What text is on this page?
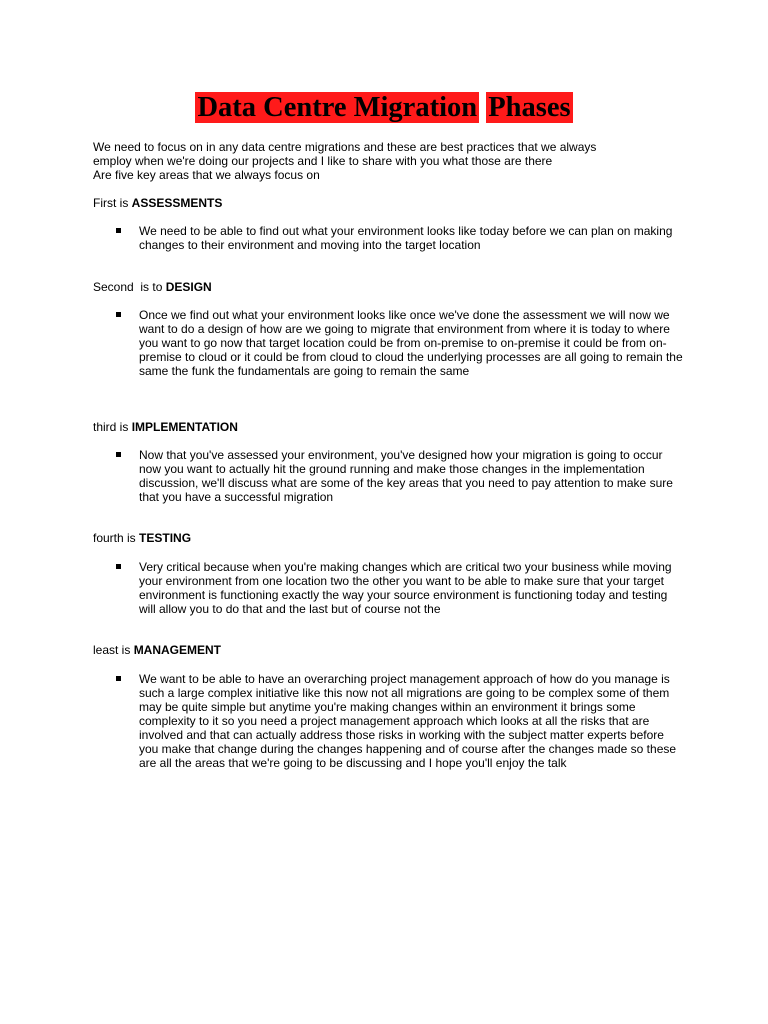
Data Centre Migration Phases

We need to focus on in any data centre migrations and these are best practices that we always

employ when we're doing our projects and I like to share with you what those are there

Are five key areas that we always focus on

First is ASSESSMENTS
We need to be able to find out what your environment looks like today before we can plan on making changes to their environment and moving into the target location
Second  is to DESIGN
Once we find out what your environment looks like once we've done the assessment we will now we want to do a design of how are we going to migrate that environment from where it is today to where you want to go now that target location could be from on-premise to on-premise it could be from on-premise to cloud or it could be from cloud to cloud the underlying processes are all going to remain the same the funk the fundamentals are going to remain the same
third is IMPLEMENTATION
Now that you've assessed your environment, you've designed how your migration is going to occur now you want to actually hit the ground running and make those changes in the implementation discussion, we'll discuss what are some of the key areas that you need to pay attention to make sure that you have a successful migration
fourth is TESTING
Very critical because when you're making changes which are critical two your business while moving your environment from one location two the other you want to be able to make sure that your target environment is functioning exactly the way your source environment is functioning today and testing will allow you to do that and the last but of course not the
least is MANAGEMENT
We want to be able to have an overarching project management approach of how do you manage is such a large complex initiative like this now not all migrations are going to be complex some of them may be quite simple but anytime you're making changes within an environment it brings some complexity to it so you need a project management approach which looks at all the risks that are involved and that can actually address those risks in working with the subject matter experts before you make that change during the changes happening and of course after the changes made so these are all the areas that we're going to be discussing and I hope you'll enjoy the talk
